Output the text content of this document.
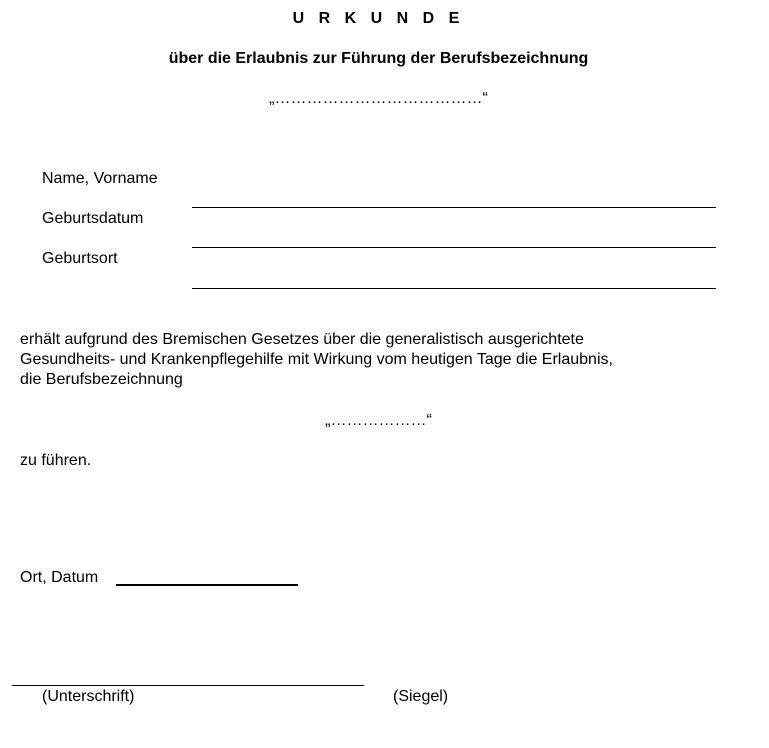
U R K U N D E
über die Erlaubnis zur Führung der Berufsbezeichnung
„…………………………………“
Name, Vorname
Geburtsdatum
Geburtsort
erhält aufgrund des Bremischen Gesetzes über die generalistisch ausgerichtete
Gesundheits- und Krankenpflegehilfe mit Wirkung vom heutigen Tage die Erlaubnis,
die Berufsbezeichnung
„………………“
zu führen.
Ort, Datum
(Unterschrift)	(Siegel)
